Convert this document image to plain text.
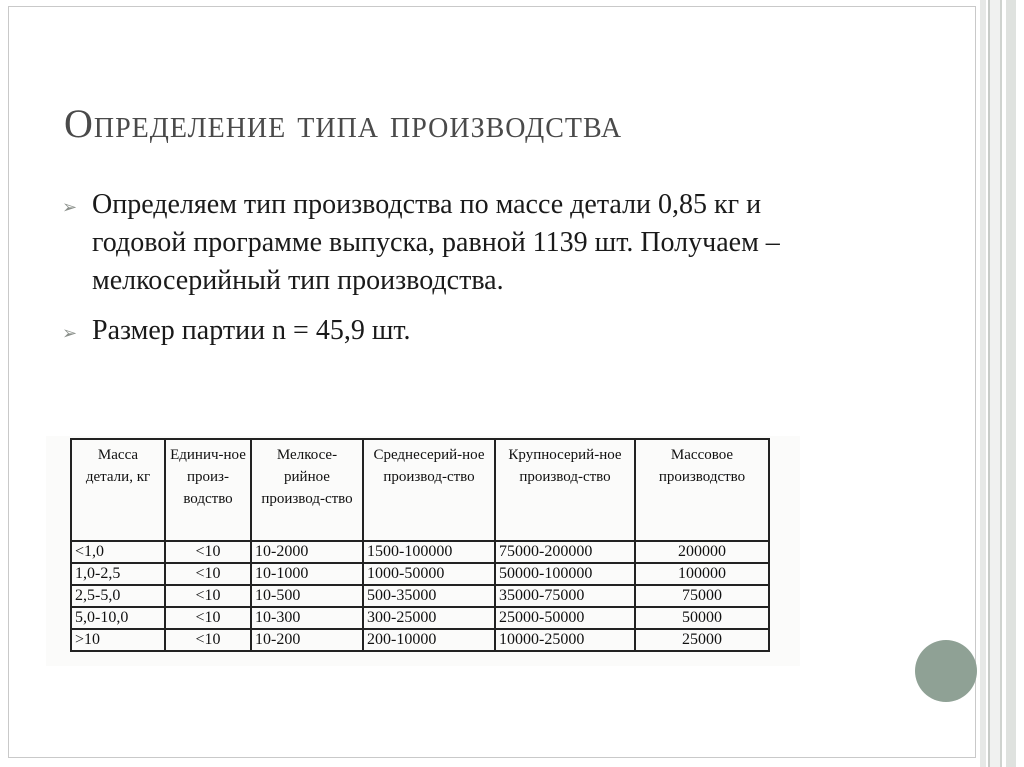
Определение типа производства
➢ Определяем тип производства по массе детали 0,85 кг и годовой программе выпуска, равной 1139 шт. Получаем – мелкосерийный тип производства.
➢ Размер партии n = 45,9 шт.
Масса детали, кг	Единич-ное произ-водство	Мелкосе-рийное производ-ство	Среднесерий-ное производ-ство	Крупносерий-ное производ-ство	Массовое производство
<1,0	<10	10-2000	1500-100000	75000-200000	200000
1,0-2,5	<10	10-1000	1000-50000	50000-100000	100000
2,5-5,0	<10	10-500	500-35000	35000-75000	75000
5,0-10,0	<10	10-300	300-25000	25000-50000	50000
>10	<10	10-200	200-10000	10000-25000	25000
